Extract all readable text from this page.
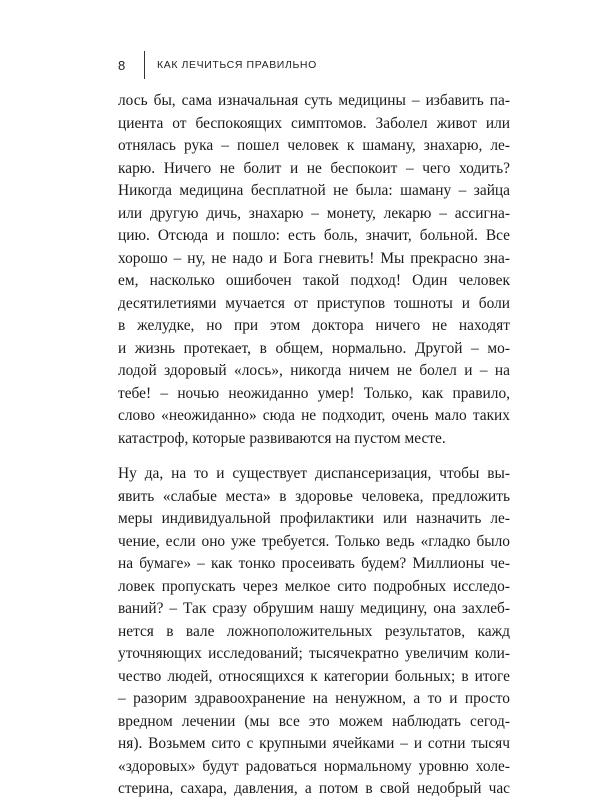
8	КАК ЛЕЧИТЬСЯ ПРАВИЛЬНО

лось бы, сама изначальная суть медицины – избавить па-
циента от беспокоящих симптомов. Заболел живот или
отнялась рука – пошел человек к шаману, знахарю, ле-
карю. Ничего не болит и не беспокоит – чего ходить?
Никогда медицина бесплатной не была: шаману – зайца
или другую дичь, знахарю – монету, лекарю – ассигна-
цию. Отсюда и пошло: есть боль, значит, больной. Все
хорошо – ну, не надо и Бога гневить! Мы прекрасно зна-
ем, насколько ошибочен такой подход! Один человек
десятилетиями мучается от приступов тошноты и боли
в желудке, но при этом доктора ничего не находят
и жизнь протекает, в общем, нормально. Другой – мо-
лодой здоровый «лось», никогда ничем не болел и – на
тебе! – ночью неожиданно умер! Только, как правило,
слово «неожиданно» сюда не подходит, очень мало таких
катастроф, которые развиваются на пустом месте.

Ну да, на то и существует диспансеризация, чтобы вы-
явить «слабые места» в здоровье человека, предложить
меры индивидуальной профилактики или назначить ле-
чение, если оно уже требуется. Только ведь «гладко было
на бумаге» – как тонко просеивать будем? Миллионы че-
ловек пропускать через мелкое сито подробных исследо-
ваний? – Так сразу обрушим нашу медицину, она захлеб-
нется в вале ложноположительных результатов, кажд
уточняющих исследований; тысячекратно увеличим коли-
чество людей, относящихся к категории больных; в итоге
– разорим здравоохранение на ненужном, а то и просто
вредном лечении (мы все это можем наблюдать сегод-
ня). Возьмем сито с крупными ячейками – и сотни тысяч
«здоровых» будут радоваться нормальному уровню холе-
стерина, сахара, давления, а потом в свой недобрый час
